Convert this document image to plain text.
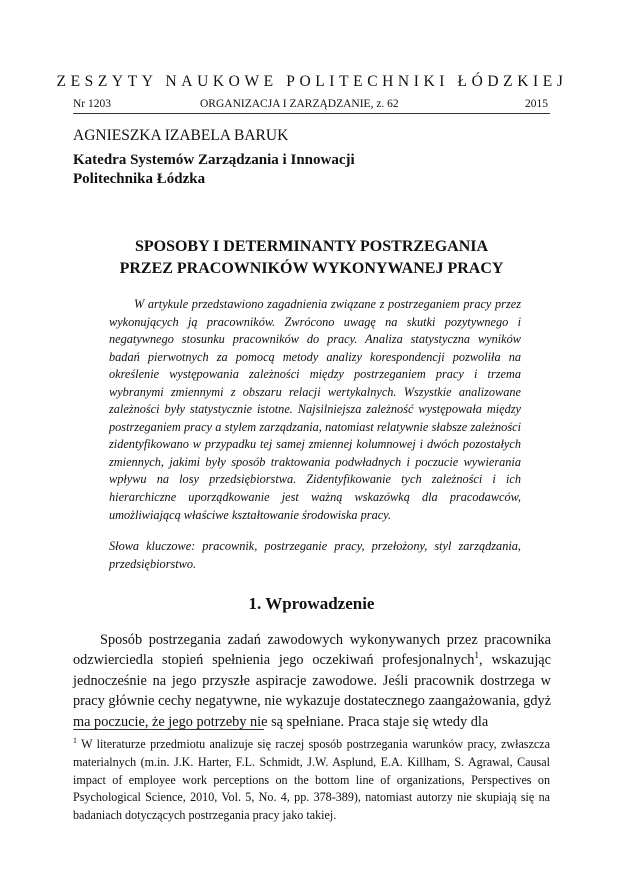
ZESZYTY NAUKOWE POLITECHNIKI ŁÓDZKIEJ
Nr 1203	ORGANIZACJA I ZARZĄDZANIE, z. 62	2015
AGNIESZKA IZABELA BARUK
Katedra Systemów Zarządzania i Innowacji
Politechnika Łódzka
SPOSOBY I DETERMINANTY POSTRZEGANIA
PRZEZ PRACOWNIKÓW WYKONYWANEJ PRACY

W artykule przedstawiono zagadnienia związane z postrzeganiem pracy przez wykonujących ją pracowników. Zwrócono uwagę na skutki pozytywnego i negatywnego stosunku pracowników do pracy. Analiza statystyczna wyników badań pierwotnych za pomocą metody analizy korespondencji pozwoliła na określenie występowania zależności między postrzeganiem pracy i trzema wybranymi zmiennymi z obszaru relacji wertykalnych. Wszystkie analizowane zależności były statystycznie istotne. Najsilniejsza zależność występowała między postrzeganiem pracy a stylem zarządzania, natomiast relatywnie słabsze zależności zidentyfikowano w przypadku tej samej zmiennej kolumnowej i dwóch pozostałych zmiennych, jakimi były sposób traktowania podwładnych i poczucie wywierania wpływu na losy przedsiębiorstwa. Zidentyfikowanie tych zależności i ich hierarchiczne uporządkowanie jest ważną wskazówką dla pracodawców, umożliwiającą właściwe kształtowanie środowiska pracy.

Słowa kluczowe: pracownik, postrzeganie pracy, przełożony, styl zarządzania, przedsiębiorstwo.

1. Wprowadzenie

Sposób postrzegania zadań zawodowych wykonywanych przez pracownika odzwierciedla stopień spełnienia jego oczekiwań profesjonalnych$^1$, wskazując jednocześnie na jego przyszłe aspiracje zawodowe. Jeśli pracownik dostrzega w pracy głównie cechy negatywne, nie wykazuje dostatecznego zaangażowania, gdyż ma poczucie, że jego potrzeby nie są spełniane. Praca staje się wtedy dla

$^1$ W literaturze przedmiotu analizuje się raczej sposób postrzegania warunków pracy, zwłaszcza materialnych (m.in. J.K. Harter, F.L. Schmidt, J.W. Asplund, E.A. Killham, S. Agrawal, Causal impact of employee work perceptions on the bottom line of organizations, Perspectives on Psychological Science, 2010, Vol. 5, No. 4, pp. 378-389), natomiast autorzy nie skupiają się na badaniach dotyczących postrzegania pracy jako takiej.
